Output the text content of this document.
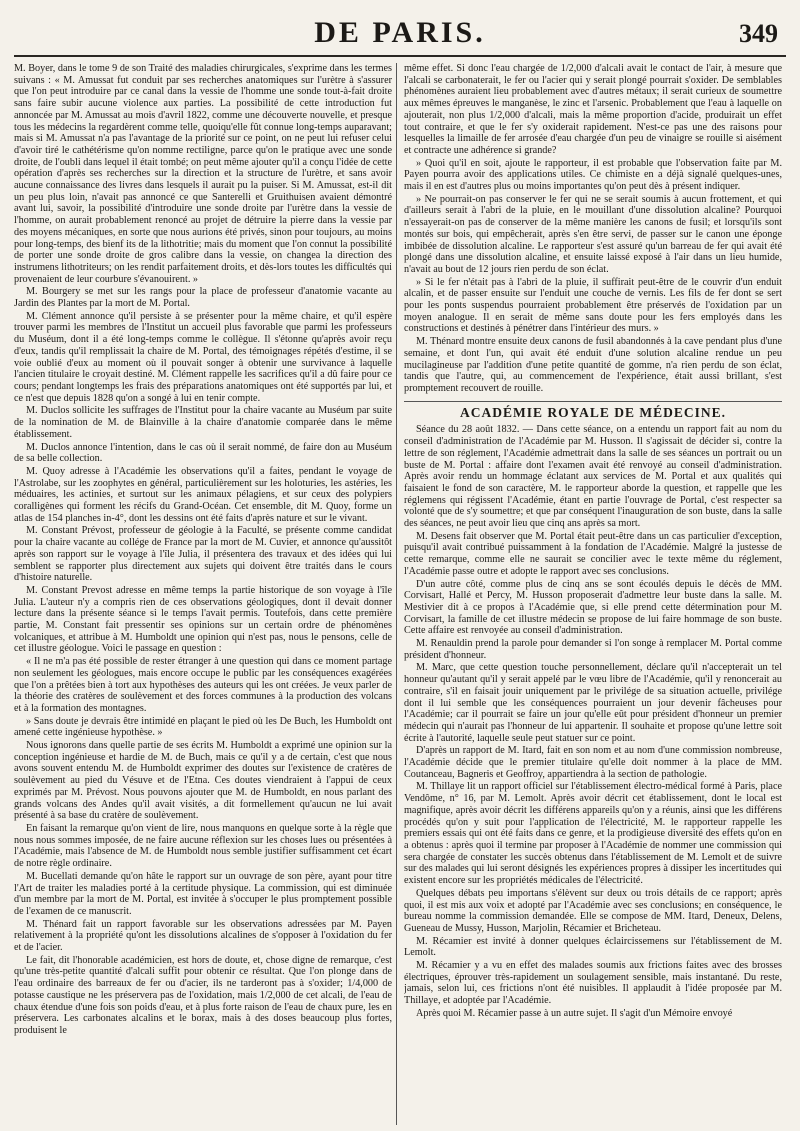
DE PARIS.	349

M. Boyer, dans le tome 9 de son Traité des maladies chirurgicales, s'exprime dans les termes suivans : « M. Amussat fut conduit par ses recherches anatomiques sur l'urètre à s'assurer que l'on peut introduire par ce canal dans la vessie de l'homme une sonde tout-à-fait droite sans faire subir aucune violence aux parties. La possibilité de cette introduction fut annoncée par M. Amussat au mois d'avril 1822, comme une découverte nouvelle, et presque tous les médecins la regardèrent comme telle, quoiqu'elle fût connue long-temps auparavant; mais si M. Amussat n'a pas l'avantage de la priorité sur ce point, on ne peut lui refuser celui d'avoir tiré le cathétérisme qu'on nomme rectiligne, parce qu'on le pratique avec une sonde droite, de l'oubli dans lequel il était tombé; on peut même ajouter qu'il a conçu l'idée de cette opération d'après ses recherches sur la direction et la structure de l'urètre, et sans avoir aucune connaissance des livres dans lesquels il aurait pu la puiser. Si M. Amussat, est-il dit un peu plus loin, n'avait pas annoncé ce que Santerelli et Gruithuisen avaient démontré avant lui, savoir, la possibilité d'introduire une sonde droite par l'urètre dans la vessie de l'homme, on aurait probablement renoncé au projet de détruire la pierre dans la vessie par des moyens mécaniques, en sorte que nous aurions été privés, sinon pour toujours, au moins pour long-temps, des bienf its de la lithotritie; mais du moment que l'on connut la possibilité de porter une sonde droite de gros calibre dans la vessie, on changea la direction des instrumens lithotriteurs; on les rendit parfaitement droits, et dès-lors toutes les difficultés qui provenaient de leur courbure s'évanouirent. »

M. Bourgery se met sur les rangs pour la place de professeur d'anatomie vacante au Jardin des Plantes par la mort de M. Portal.

M. Clément annonce qu'il persiste à se présenter pour la même chaire, et qu'il espère trouver parmi les membres de l'Institut un accueil plus favorable que parmi les professeurs du Muséum, dont il a été long-temps comme le collègue. Il s'étonne qu'après avoir reçu d'eux, tandis qu'il remplissait la chaire de M. Portal, des témoignages répétés d'estime, il se voie oublié d'eux au moment où il pouvait songer à obtenir une survivance à laquelle l'ancien titulaire le croyait destiné. M. Clément rappelle les sacrifices qu'il a dû faire pour ce cours; pendant longtemps les frais des préparations anatomiques ont été supportés par lui, et ce n'est que depuis 1828 qu'on a songé à lui en tenir compte.

M. Duclos sollicite les suffrages de l'Institut pour la chaire vacante au Muséum par suite de la nomination de M. de Blainville à la chaire d'anatomie comparée dans le même établissement.

M. Duclos annonce l'intention, dans le cas où il serait nommé, de faire don au Muséum de sa belle collection.

M. Quoy adresse à l'Académie les observations qu'il a faites, pendant le voyage de l'Astrolabe, sur les zoophytes en général, particulièrement sur les holoturies, les astéries, les méduaires, les actinies, et surtout sur les animaux pélagiens, et sur ceux des polypiers coralligènes qui forment les récifs du Grand-Océan. Cet ensemble, dit M. Quoy, forme un atlas de 154 planches in-4°, dont les dessins ont été faits d'après nature et sur le vivant.

M. Constant Prévost, professeur de géologie à la Faculté, se présente comme candidat pour la chaire vacante au collége de France par la mort de M. Cuvier, et annonce qu'aussitôt après son rapport sur le voyage à l'île Julia, il présentera des travaux et des idées qui lui semblent se rapporter plus directement aux sujets qui doivent être traités dans le cours d'histoire naturelle.

M. Constant Prevost adresse en même temps la partie historique de son voyage à l'île Julia. L'auteur n'y a compris rien de ces observations géologiques, dont il devait donner lecture dans la présente séance si le temps l'avait permis. Toutefois, dans cette première partie, M. Constant fait pressentir ses opinions sur un certain ordre de phénomènes volcaniques, et attribue à M. Humboldt une opinion qui n'est pas, nous le pensons, celle de cet illustre géologue. Voici le passage en question :

« Il ne m'a pas été possible de rester étranger à une question qui dans ce moment partage non seulement les géologues, mais encore occupe le public par les conséquences exagérées que l'on a prêtées bien à tort aux hypothèses des auteurs qui les ont créées. Je veux parler de la théorie des cratères de soulèvement et des forces communes à la production des volcans et à la formation des montagnes.

» Sans doute je devrais être intimidé en plaçant le pied où les De Buch, les Humboldt ont amené cette ingénieuse hypothèse. »

Nous ignorons dans quelle partie de ses écrits M. Humboldt a exprimé une opinion sur la conception ingénieuse et hardie de M. de Buch, mais ce qu'il y a de certain, c'est que nous avons souvent entendu M. de Humboldt exprimer des doutes sur l'existence de cratères de soulèvement au pied du Vésuve et de l'Etna. Ces doutes viendraient à l'appui de ceux exprimés par M. Prévost. Nous pouvons ajouter que M. de Humboldt, en nous parlant des grands volcans des Andes qu'il avait visités, a dit formellement qu'aucun ne lui avait présenté à sa base du cratère de soulèvement.

En faisant la remarque qu'on vient de lire, nous manquons en quelque sorte à la règle que nous nous sommes imposée, de ne faire aucune réflexion sur les choses lues ou présentées à l'Académie, mais l'absence de M. de Humboldt nous semble justifier suffisamment cet écart de notre règle ordinaire.

M. Bucellati demande qu'on hâte le rapport sur un ouvrage de son père, ayant pour titre l'Art de traiter les maladies porté à la certitude physique. La commission, qui est diminuée d'un membre par la mort de M. Portal, est invitée à s'occuper le plus promptement possible de l'examen de ce manuscrit.

M. Thénard fait un rapport favorable sur les observations adressées par M. Payen relativement à la propriété qu'ont les dissolutions alcalines de s'opposer à l'oxidation du fer et de l'acier.

Le fait, dit l'honorable académicien, est hors de doute, et, chose digne de remarque, c'est qu'une très-petite quantité d'alcali suffit pour obtenir ce résultat. Que l'on plonge dans de l'eau ordinaire des barreaux de fer ou d'acier, ils ne tarderont pas à s'oxider; 1/4,000 de potasse caustique ne les préservera pas de l'oxidation, mais 1/2,000 de cet alcali, de l'eau de chaux étendue d'une fois son poids d'eau, et à plus forte raison de l'eau de chaux pure, les en préservera. Les carbonates alcalins et le borax, mais à des doses beaucoup plus fortes, produisent le

même effet. Si donc l'eau chargée de 1/2,000 d'alcali avait le contact de l'air, à mesure que l'alcali se carbonaterait, le fer ou l'acier qui y serait plongé pourrait s'oxider. De semblables phénomènes auraient lieu probablement avec d'autres métaux; il serait curieux de soumettre aux mêmes épreuves le manganèse, le zinc et l'arsenic. Probablement que l'eau à laquelle on ajouterait, non plus 1/2,000 d'alcali, mais la même proportion d'acide, produirait un effet tout contraire, et que le fer s'y oxiderait rapidement. N'est-ce pas une des raisons pour lesquelles la limaille de fer arrosée d'eau chargée d'un peu de vinaigre se rouille si aisément et contracte une adhérence si grande?

» Quoi qu'il en soit, ajoute le rapporteur, il est probable que l'observation faite par M. Payen pourra avoir des applications utiles. Ce chimiste en a déjà signalé quelques-unes, mais il en est d'autres plus ou moins importantes qu'on peut dès à présent indiquer.

» Ne pourrait-on pas conserver le fer qui ne se serait soumis à aucun frottement, et qui d'ailleurs serait à l'abri de la pluie, en le mouillant d'une dissolution alcaline? Pourquoi n'essayerait-on pas de conserver de la même manière les canons de fusil; et lorsqu'ils sont montés sur bois, qui empêcherait, après s'en être servi, de passer sur le canon une éponge imbibée de dissolution alcaline. Le rapporteur s'est assuré qu'un barreau de fer qui avait été plongé dans une dissolution alcaline, et ensuite laissé exposé à l'air dans un lieu humide, n'avait au bout de 12 jours rien perdu de son éclat.

» Si le fer n'était pas à l'abri de la pluie, il suffirait peut-être de le couvrir d'un enduit alcalin, et de passer ensuite sur l'enduit une couche de vernis. Les fils de fer dont se sert pour les ponts suspendus pourraient probablement être préservés de l'oxidation par un moyen analogue. Il en serait de même sans doute pour les fers employés dans les constructions et destinés à pénétrer dans l'intérieur des murs. »

M. Thénard montre ensuite deux canons de fusil abandonnés à la cave pendant plus d'une semaine, et dont l'un, qui avait été enduit d'une solution alcaline rendue un peu mucilagineuse par l'addition d'une petite quantité de gomme, n'a rien perdu de son éclat, tandis que l'autre, qui, au commencement de l'expérience, était aussi brillant, s'est promptement recouvert de rouille.

ACADÉMIE ROYALE DE MÉDECINE.

Séance du 28 août 1832. — Dans cette séance, on a entendu un rapport fait au nom du conseil d'administration de l'Académie par M. Husson. Il s'agissait de décider si, contre la lettre de son réglement, l'Académie admettrait dans la salle de ses séances un portrait ou un buste de M. Portal : affaire dont l'examen avait été renvoyé au conseil d'administration. Après avoir rendu un hommage éclatant aux services de M. Portal et aux qualités qui faisaient le fond de son caractère, M. le rapporteur aborde la question, et rappelle que les réglemens qui régissent l'Académie, étant en partie l'ouvrage de Portal, c'est respecter sa volonté que de s'y soumettre; et que par conséquent l'inauguration de son buste, dans la salle des séances, ne peut avoir lieu que cinq ans après sa mort.

M. Desens fait observer que M. Portal était peut-être dans un cas particulier d'exception, puisqu'il avait contribué puissamment à la fondation de l'Académie. Malgré la justesse de cette remarque, comme elle ne saurait se concilier avec le texte même du réglement, l'Académie passe outre et adopte le rapport avec ses conclusions.

D'un autre côté, comme plus de cinq ans se sont écoulés depuis le décès de MM. Corvisart, Hallé et Percy, M. Husson proposerait d'admettre leur buste dans la salle. M. Mestivier dit à ce propos à l'Académie que, si elle prend cette détermination pour M. Corvisart, la famille de cet illustre médecin se propose de lui faire hommage de son buste. Cette affaire est renvoyée au conseil d'administration.

M. Renauldin prend la parole pour demander si l'on songe à remplacer M. Portal comme président d'honneur.

M. Marc, que cette question touche personnellement, déclare qu'il n'accepterait un tel honneur qu'autant qu'il y serait appelé par le vœu libre de l'Académie, qu'il y renoncerait au contraire, s'il en faisait jouir uniquement par le privilége de sa situation actuelle, privilége dont il lui semble que les conséquences pourraient un jour devenir fâcheuses pour l'Académie; car il pourrait se faire un jour qu'elle eût pour président d'honneur un premier médecin qui n'aurait pas l'honneur de lui appartenir. Il souhaite et propose qu'une lettre soit écrite à l'autorité, laquelle seule peut statuer sur ce point.

D'après un rapport de M. Itard, fait en son nom et au nom d'une commission nombreuse, l'Académie décide que le premier titulaire qu'elle doit nommer à la place de MM. Coutanceau, Bagneris et Geoffroy, appartiendra à la section de pathologie.

M. Thillaye lit un rapport officiel sur l'établissement électro-médical formé à Paris, place Vendôme, n° 16, par M. Lemolt. Après avoir décrit cet établissement, dont le local est magnifique, après avoir décrit les différens appareils qu'on y a réunis, ainsi que les différens procédés qu'on y suit pour l'application de l'électricité, M. le rapporteur rappelle les premiers essais qui ont été faits dans ce genre, et la prodigieuse diversité des effets qu'on en a obtenus : après quoi il termine par proposer à l'Académie de nommer une commission qui sera chargée de constater les succès obtenus dans l'établissement de M. Lemolt et de suivre sur des malades qui lui seront désignés les expériences propres à dissiper les incertitudes qui existent encore sur les propriétés médicales de l'électricité.

Quelques débats peu importans s'élèvent sur deux ou trois détails de ce rapport; après quoi, il est mis aux voix et adopté par l'Académie avec ses conclusions; en conséquence, le bureau nomme la commission demandée. Elle se compose de MM. Itard, Deneux, Delens, Gueneau de Mussy, Husson, Marjolin, Récamier et Bricheteau.

M. Récamier est invité à donner quelques éclaircissemens sur l'établissement de M. Lemolt.

M. Récamier y a vu en effet des malades soumis aux frictions faites avec des brosses électriques, éprouver très-rapidement un soulagement sensible, mais instantané. Du reste, jamais, selon lui, ces frictions n'ont été nuisibles. Il applaudit à l'idée proposée par M. Thillaye, et adoptée par l'Académie.

Après quoi M. Récamier passe à un autre sujet. Il s'agit d'un Mémoire envoyé
